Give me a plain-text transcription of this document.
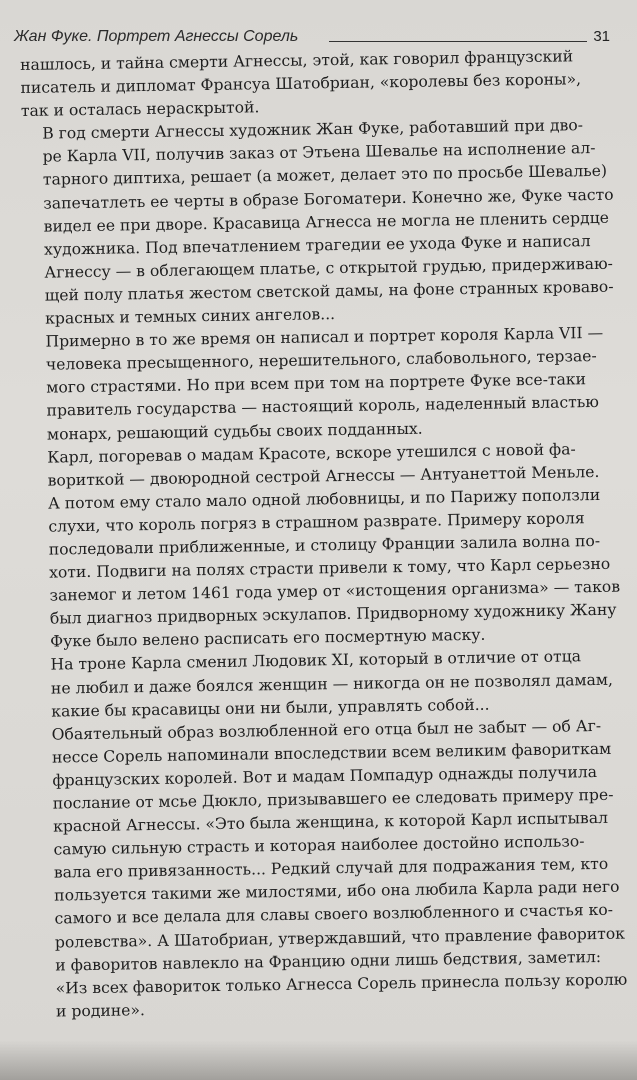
Жан Фуке. Портрет Агнессы Сорель	31

нашлось, и тайна смерти Агнессы, этой, как говорил французский
писатель и дипломат Франсуа Шатобриан, «королевы без короны»,
так и осталась нераскрытой.

В год смерти Агнессы художник Жан Фуке, работавший при дво-
ре Карла VII, получив заказ от Этьена Шевалье на исполнение ал-
тарного диптиха, решает (а может, делает это по просьбе Шевалье)
запечатлеть ее черты в образе Богоматери. Конечно же, Фуке часто
видел ее при дворе. Красавица Агнесса не могла не пленить сердце
художника. Под впечатлением трагедии ее ухода Фуке и написал
Агнессу — в облегающем платье, с открытой грудью, придерживаю-
щей полу платья жестом светской дамы, на фоне странных кроваво-
красных и темных синих ангелов...

Примерно в то же время он написал и портрет короля Карла VII —
человека пресыщенного, нерешительного, слабовольного, терзае-
мого страстями. Но при всем при том на портрете Фуке все-таки
правитель государства — настоящий король, наделенный властью
монарх, решающий судьбы своих подданных.

Карл, погоревав о мадам Красоте, вскоре утешился с новой фа-
вориткой — двоюродной сестрой Агнессы — Антуанеттой Меньле.
А потом ему стало мало одной любовницы, и по Парижу поползли
слухи, что король погряз в страшном разврате. Примеру короля
последовали приближенные, и столицу Франции залила волна по-
хоти. Подвиги на полях страсти привели к тому, что Карл серьезно
занемог и летом 1461 года умер от «истощения организма» — таков
был диагноз придворных эскулапов. Придворному художнику Жану
Фуке было велено расписать его посмертную маску.

На троне Карла сменил Людовик XI, который в отличие от отца
не любил и даже боялся женщин — никогда он не позволял дамам,
какие бы красавицы они ни были, управлять собой...

Обаятельный образ возлюбленной его отца был не забыт — об Аг-
нессе Сорель напоминали впоследствии всем великим фавориткам
французских королей. Вот и мадам Помпадур однажды получила
послание от мсье Дюкло, призывавшего ее следовать примеру пре-
красной Агнессы. «Это была женщина, к которой Карл испытывал
самую сильную страсть и которая наиболее достойно использо-
вала его привязанность... Редкий случай для подражания тем, кто
пользуется такими же милостями, ибо она любила Карла ради него
самого и все делала для славы своего возлюбленного и счастья ко-
ролевства». А Шатобриан, утверждавший, что правление фавориток
и фаворитов навлекло на Францию одни лишь бедствия, заметил:
«Из всех фавориток только Агнесса Сорель принесла пользу королю
и родине».
